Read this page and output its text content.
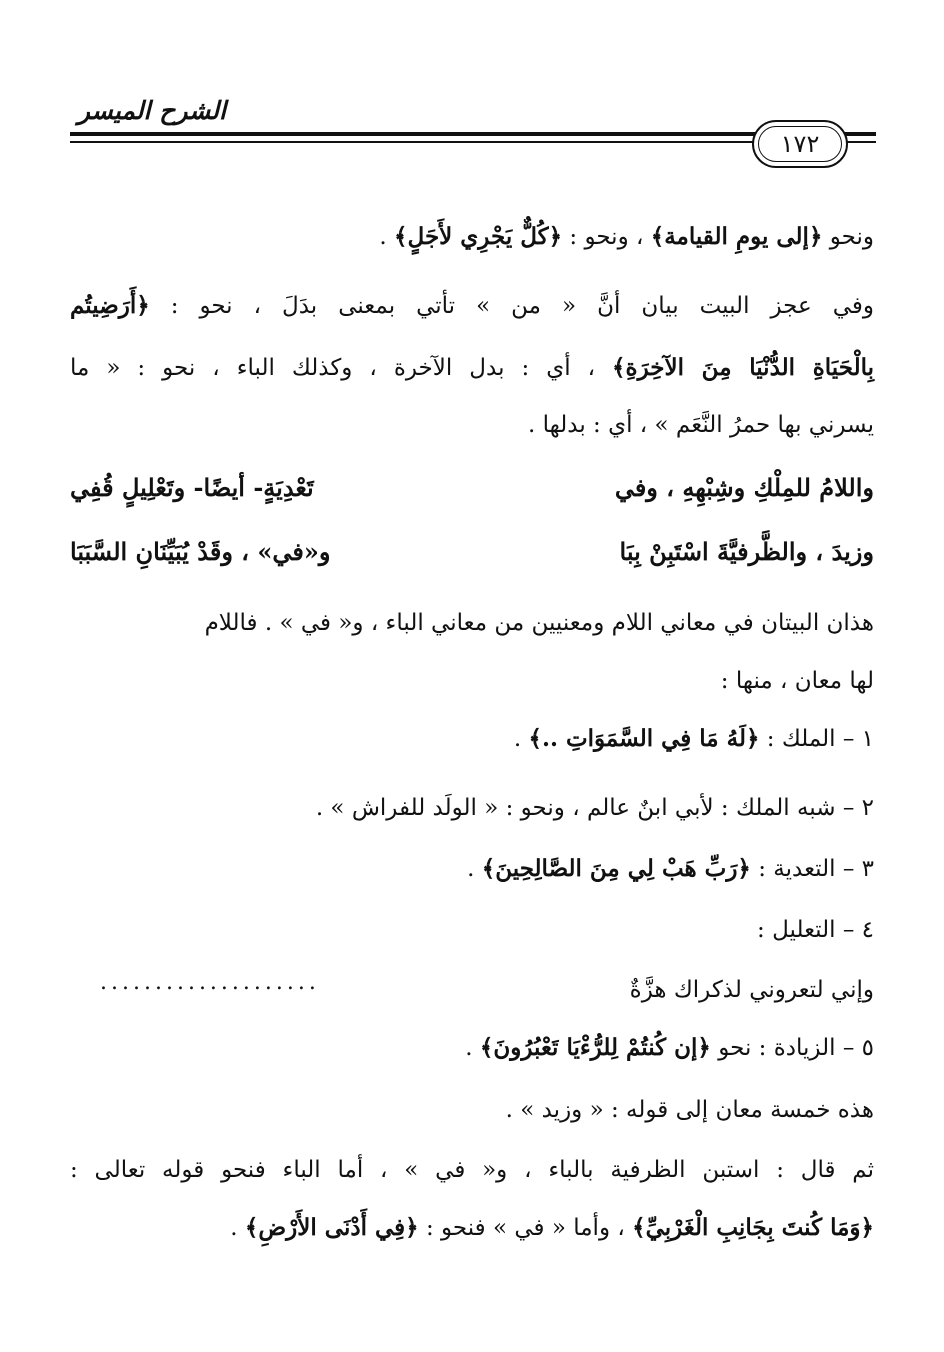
الشرح الميسر
١٧٢
ونحو ﴿إلى يومِ القيامة﴾ ، ونحو : ﴿كُلٌّ يَجْرِي لأَجَلٍ﴾ .
وفي عجز البيت بيان أنَّ « من » تأتي بمعنى بدَلَ ، نحو : ﴿أَرَضِيتُم
بِالْحَيَاةِ الدُّنْيَا مِنَ الآخِرَةِ﴾ ، أي : بدل الآخرة ، وكذلك الباء ، نحو : « ما
يسرني بها حمرُ النَّعَم » ، أي : بدلها .
واللامُ للمِلْكِ وشِبْهِهِ ، وفي
تَعْدِيَةٍ- أيضًا- وتَعْلِيلٍ قُفِي
وزيدَ ، والظَّرفيَّةَ اسْتَبِنْ بِبَا
و«في» ، وقَدْ يُبَيِّنَانِ السَّبَبَا
هذان البيتان في معاني اللام ومعنيين من معاني الباء ، و« في » . فاللام
لها معان ، منها :
١ – الملك : ﴿لَهُ مَا فِي السَّمَوَاتِ ..﴾ .
٢ – شبه الملك : لأبي ابنٌ عالم ، ونحو : « الولَد للفراش » .
٣ – التعدية : ﴿رَبِّ هَبْ لِي مِنَ الصَّالِحِينَ﴾ .
٤ – التعليل :
وإني لتعروني لذكراك هزَّةٌ
....................
٥ – الزيادة : نحو ﴿إن كُنتُمْ لِلرُّءْيَا تَعْبُرُونَ﴾ .
هذه خمسة معان إلى قوله : « وزيد » .
ثم قال : استبن الظرفية بالباء ، و« في » ، أما الباء فنحو قوله تعالى :
﴿وَمَا كُنتَ بِجَانِبِ الْغَرْبِيِّ﴾ ، وأما « في » فنحو : ﴿فِي أَدْنَى الأَرْضِ﴾ .
